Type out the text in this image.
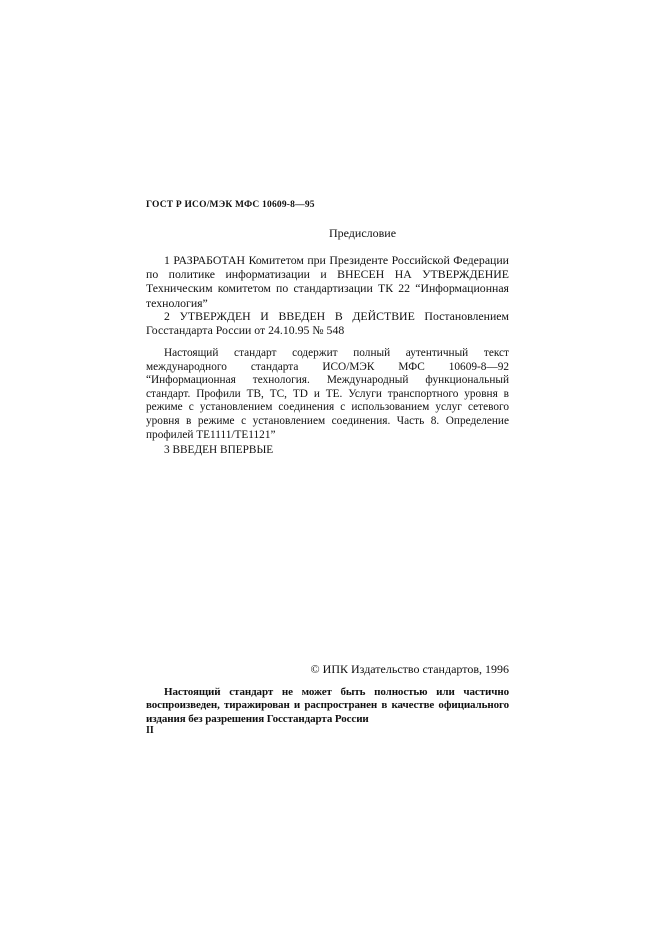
ГОСТ Р ИСО/МЭК МФС 10609-8—95
Предисловие
1 РАЗРАБОТАН Комитетом при Президенте Российской Федерации по политике информатизации и ВНЕСЕН НА УТВЕРЖДЕНИЕ Техническим комитетом по стандартизации ТК 22 “Информационная технология”
2 УТВЕРЖДЕН И ВВЕДЕН В ДЕЙСТВИЕ Постановлением Госстандарта России от 24.10.95 № 548
Настоящий стандарт содержит полный аутентичный текст международного стандарта ИСО/МЭК МФС 10609-8—92 “Информационная технология. Международный функциональный стандарт. Профили ТВ, ТС, TD и ТЕ. Услуги транспортного уровня в режиме с установлением соединения с использованием услуг сетевого уровня в режиме с установлением соединения. Часть 8. Определение профилей ТЕ1111/ТЕ1121”
3 ВВЕДЕН ВПЕРВЫЕ
© ИПК Издательство стандартов, 1996
Настоящий стандарт не может быть полностью или частично воспроизведен, тиражирован и распространен в качестве официального издания без разрешения Госстандарта России
II
